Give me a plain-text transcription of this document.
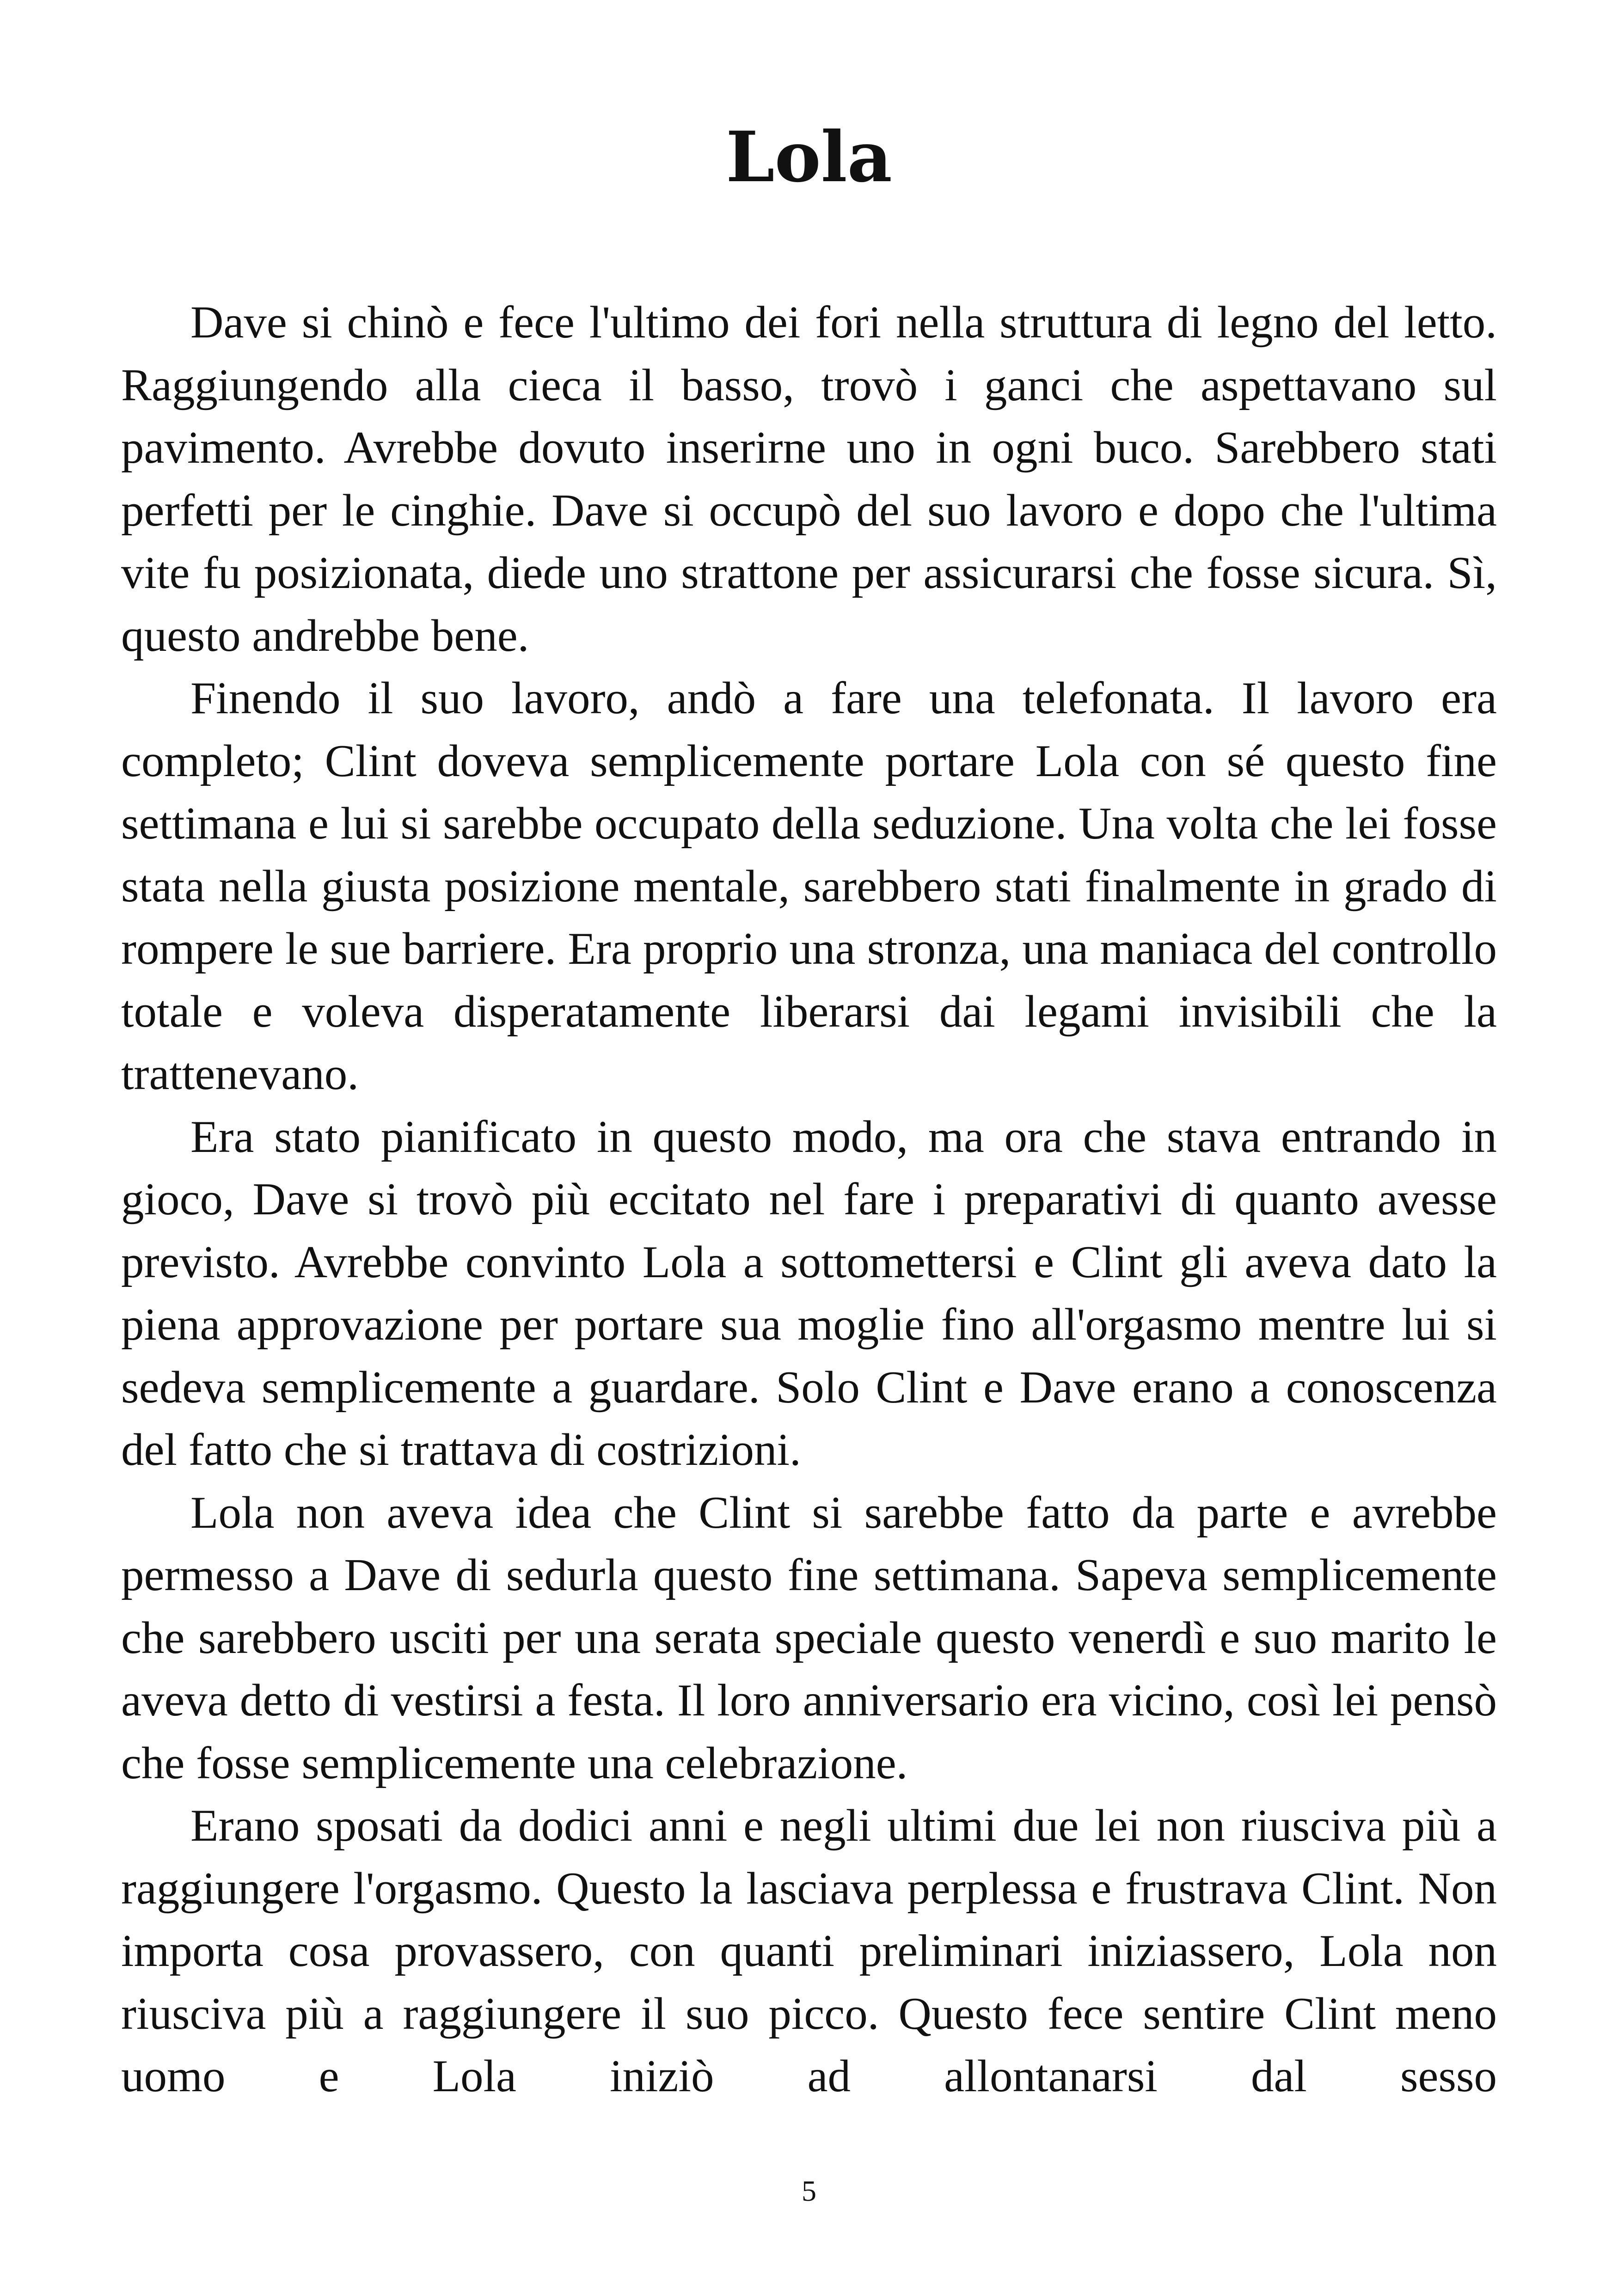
Lola

Dave si chinò e fece l'ultimo dei fori nella struttura di legno del letto. Raggiungendo alla cieca il basso, trovò i ganci che aspettavano sul pavimento. Avrebbe dovuto inserirne uno in ogni buco. Sarebbero stati perfetti per le cinghie. Dave si occupò del suo lavoro e dopo che l'ultima vite fu posizionata, diede uno strattone per assicurarsi che fosse sicura. Sì, questo andrebbe bene.

Finendo il suo lavoro, andò a fare una telefonata. Il lavoro era completo; Clint doveva semplicemente portare Lola con sé questo fine settimana e lui si sarebbe occupato della seduzione. Una volta che lei fosse stata nella giusta posizione mentale, sarebbero stati finalmente in grado di rompere le sue barriere. Era proprio una stronza, una maniaca del controllo totale e voleva disperatamente liberarsi dai legami invisibili che la trattenevano.

Era stato pianificato in questo modo, ma ora che stava entrando in gioco, Dave si trovò più eccitato nel fare i preparativi di quanto avesse previsto. Avrebbe convinto Lola a sottomettersi e Clint gli aveva dato la piena approvazione per portare sua moglie fino all'orgasmo mentre lui si sedeva semplicemente a guardare. Solo Clint e Dave erano a conoscenza del fatto che si trattava di costrizioni.

Lola non aveva idea che Clint si sarebbe fatto da parte e avrebbe permesso a Dave di sedurla questo fine settimana. Sapeva semplicemente che sarebbero usciti per una serata speciale questo venerdì e suo marito le aveva detto di vestirsi a festa. Il loro anniversario era vicino, così lei pensò che fosse semplicemente una celebrazione.

Erano sposati da dodici anni e negli ultimi due lei non riusciva più a raggiungere l'orgasmo. Questo la lasciava perplessa e frustrava Clint. Non importa cosa provassero, con quanti preliminari iniziassero, Lola non riusciva più a raggiungere il suo picco. Questo fece sentire Clint meno uomo e Lola iniziò ad allontanarsi dal sesso

5
